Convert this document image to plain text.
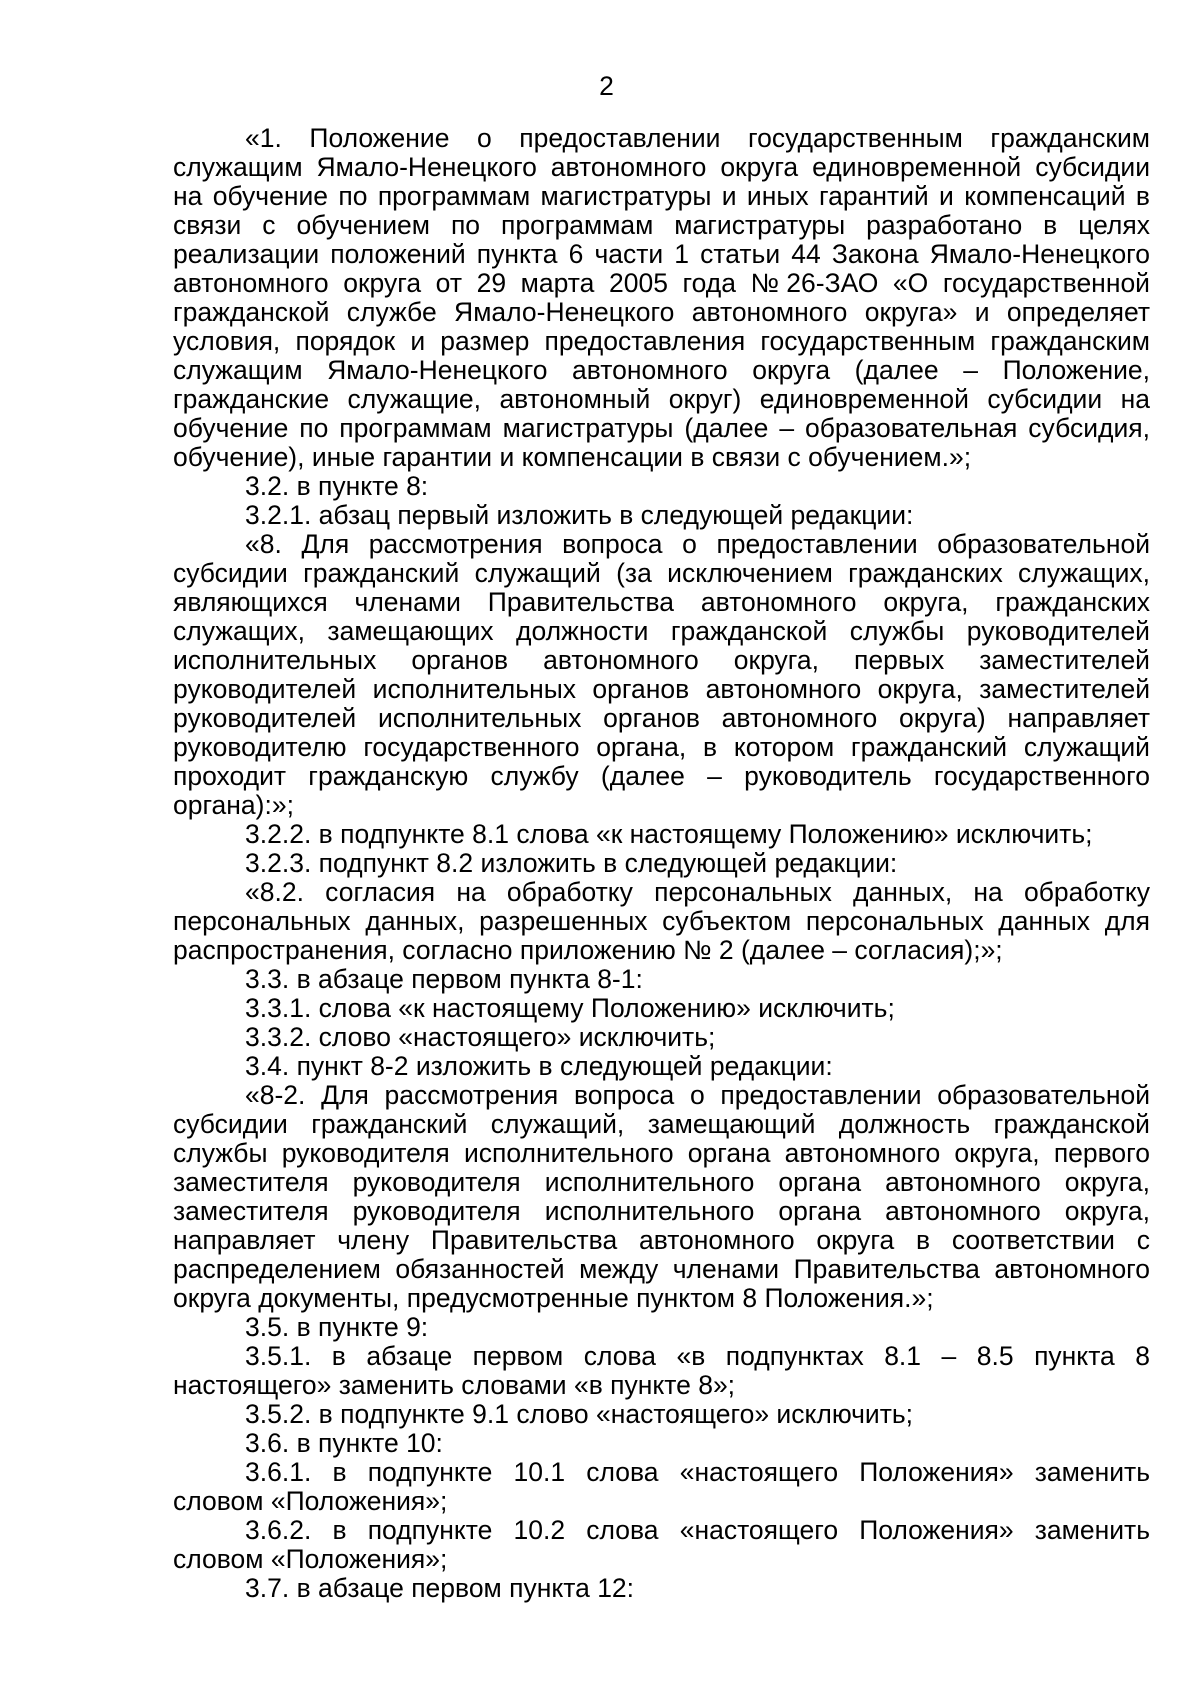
2

«1. Положение о предоставлении государственным гражданским служащим Ямало-Ненецкого автономного округа единовременной субсидии на обучение по программам магистратуры и иных гарантий и компенсаций в связи с обучением по программам магистратуры разработано в целях реализации положений пункта 6 части 1 статьи 44 Закона Ямало-Ненецкого автономного округа от 29 марта 2005 года №26-ЗАО «О государственной гражданской службе Ямало-Ненецкого автономного округа» и определяет условия, порядок и размер предоставления государственным гражданским служащим Ямало-Ненецкого автономного округа (далее – Положение, гражданские служащие, автономный округ) единовременной субсидии на обучение по программам магистратуры (далее – образовательная субсидия, обучение), иные гарантии и компенсации в связи с обучением.»;

3.2. в пункте 8:

3.2.1. абзац первый изложить в следующей редакции:

«8. Для рассмотрения вопроса о предоставлении образовательной субсидии гражданский служащий (за исключением гражданских служащих, являющихся членами Правительства автономного округа, гражданских служащих, замещающих должности гражданской службы руководителей исполнительных органов автономного округа, первых заместителей руководителей исполнительных органов автономного округа, заместителей руководителей исполнительных органов автономного округа) направляет руководителю государственного органа, в котором гражданский служащий проходит гражданскую службу (далее – руководитель государственного органа):»;

3.2.2. в подпункте 8.1 слова «к настоящему Положению» исключить;

3.2.3. подпункт 8.2 изложить в следующей редакции:

«8.2. согласия на обработку персональных данных, на обработку персональных данных, разрешенных субъектом персональных данных для распространения, согласно приложению № 2 (далее – согласия);»;

3.3. в абзаце первом пункта 8-1:

3.3.1. слова «к настоящему Положению» исключить;

3.3.2. слово «настоящего» исключить;

3.4. пункт 8-2 изложить в следующей редакции:

«8-2. Для рассмотрения вопроса о предоставлении образовательной субсидии гражданский служащий, замещающий должность гражданской службы руководителя исполнительного органа автономного округа, первого заместителя руководителя исполнительного органа автономного округа, заместителя руководителя исполнительного органа автономного округа, направляет члену Правительства автономного округа в соответствии с распределением обязанностей между членами Правительства автономного округа документы, предусмотренные пунктом 8 Положения.»;

3.5. в пункте 9:

3.5.1. в абзаце первом слова «в подпунктах 8.1 – 8.5 пункта 8 настоящего» заменить словами «в пункте 8»;

3.5.2. в подпункте 9.1 слово «настоящего» исключить;

3.6. в пункте 10:

3.6.1. в подпункте 10.1 слова «настоящего Положения» заменить словом «Положения»;

3.6.2. в подпункте 10.2 слова «настоящего Положения» заменить словом «Положения»;

3.7. в абзаце первом пункта 12:
